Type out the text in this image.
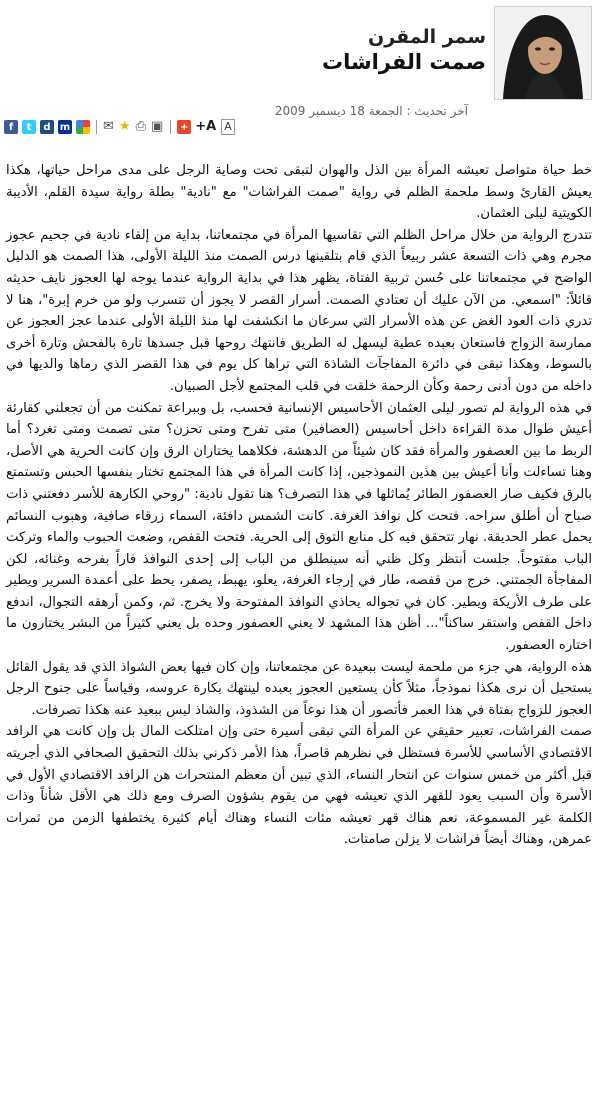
سمر المقرن
صمت الفراشات
آخر تحديث : الجمعة 18 ديسمبر 2009
f	t	d m	✉ ★ ⎙ ▣ + +A A

خط حياة متواصل تعيشه المرأة بين الذل والهوان لتبقى تحت وصاية الرجل على مدى مراحل حياتها، هكذا يعيش القارئ وسط ملحمة الظلم في رواية "صمت الفراشات" مع "نادية" بطلة رواية سيدة القلم، الأديبة الكويتية ليلى العثمان.

تتدرج الرواية من خلال مراحل الظلم التي تقاسيها المرأة في مجتمعاتنا، بداية من إلقاء نادية في جحيم عجوز مجرم وهي ذات التسعة عشر ربيعاً الذي قام بتلقينها درس الصمت منذ الليلة الأولى، هذا الصمت هو الدليل الواضح في مجتمعاتنا على حُسن تربية الفتاة، يظهر هذا في بداية الرواية عندما يوجه لها العجوز نايف حديثه قائلاً: "اسمعي. من الآن عليك أن تعتادي الصمت. أسرار القصر لا يجوز أن تتسرب ولو من خرم إبرة"، هنا لا تدري ذات العود الغض عن هذه الأسرار التي سرعان ما انكشفت لها منذ الليلة الأولى عندما عجز العجوز عن ممارسة الزواج فاستعان بعبده عطية ليسهل له الطريق فانتهك روحها قبل جسدها تارة بالفحش وتارة أخرى بالسوط، وهكذا تبقى في دائرة المفاجآت الشاذة التي تراها كل يوم في هذا القصر الذي رماها والديها في داخله من دون أدنى رحمة وكأن الرحمة خلقت في قلب المجتمع لأجل الصبيان.

في هذه الرواية لم تصور ليلى العثمان الأحاسيس الإنسانية فحسب، بل وببراعة تمكنت من أن تجعلني كقارئة أعيش طوال مدة القراءة داخل أحاسيس (العصافير) متى تفرح ومتى تحزن؟ متى تصمت ومتى تغرد؟ أما الربط ما بين العصفور والمرأة فقد كان شيئاً من الدهشة، فكلاهما يختاران الرق وإن كانت الحرية هي الأصل، وهنا تساءلت وأنا أعيش بين هذين النموذجين، إذا كانت المرأة في هذا المجتمع تختار بنفسها الحبس وتستمتع بالرق فكيف صار العصفور الطائر يُماثلها في هذا التصرف؟ هنا تقول نادية: "روحي الكارهة للأسر دفعتني ذات صباح أن أطلق سراحه. فتحت كل نوافذ الغرفة. كانت الشمس دافئة، السماء زرقاء صافية، وهبوب النسائم يحمل عطر الحديقة. نهار تتحقق فيه كل منابع التوق إلى الحرية. فتحت القفص، وضعت الحبوب والماء وتركت الباب مفتوحاً. جلست أنتظر وكل ظني أنه سينطلق من الباب إلى إحدى النوافذ فاراً بفرحه وغنائه، لكن المفاجأة الجمتني. خرج من قفصه، طار في إرجاء الغرفة، يعلو، يهبط، يصفر، يحط على أعمدة السرير ويطير على طرف الأريكة ويطير. كان في تجواله يحاذي النوافذ المفتوحة ولا يخرج. ثم، وكمن أرهقه التجوال، اندفع داخل القفص واستقر ساكناً"... أظن هذا المشهد لا يعني العصفور وحده بل يعني كثيراً من البشر يختارون ما اختاره العصفور.

هذه الرواية، هي جزء من ملحمة ليست ببعيدة عن مجتمعاتنا، وإن كان فيها بعض الشواذ الذي قد يقول القائل يستحيل أن نرى هكذا نموذجاً، مثلاً كأن يستعين العجوز بعبده لينتهك بكارة عروسه، وقياساً على جنوح الرجل العجوز للزواج بفتاة في هذا العمر فأتصور أن هذا نوعاً من الشذوذ، والشاذ ليس ببعيد عنه هكذا تصرفات.

صمت الفراشات، تعبير حقيقي عن المرأة التي تبقى أسيرة حتى وإن امتلكت المال بل وإن كانت هي الرافد الاقتصادي الأساسي للأسرة فستظل في نظرهم قاصراً، هذا الأمر ذكرني بذلك التحقيق الصحافي الذي أجريته قبل أكثر من خمس سنوات عن انتحار النساء، الذي تبين أن معظم المنتحرات هن الرافد الاقتصادي الأول في الأسرة وأن السبب يعود للقهر الذي تعيشه فهي من يقوم بشؤون الصرف ومع ذلك هي الأقل شأناً وذات الكلمة غير المسموعة، نعم هناك قهر تعيشه مئات النساء وهناك أيام كثيرة يختطفها الزمن من ثمرات عمرهن، وهناك أيضاً فراشات لا يزلن صامتات.
